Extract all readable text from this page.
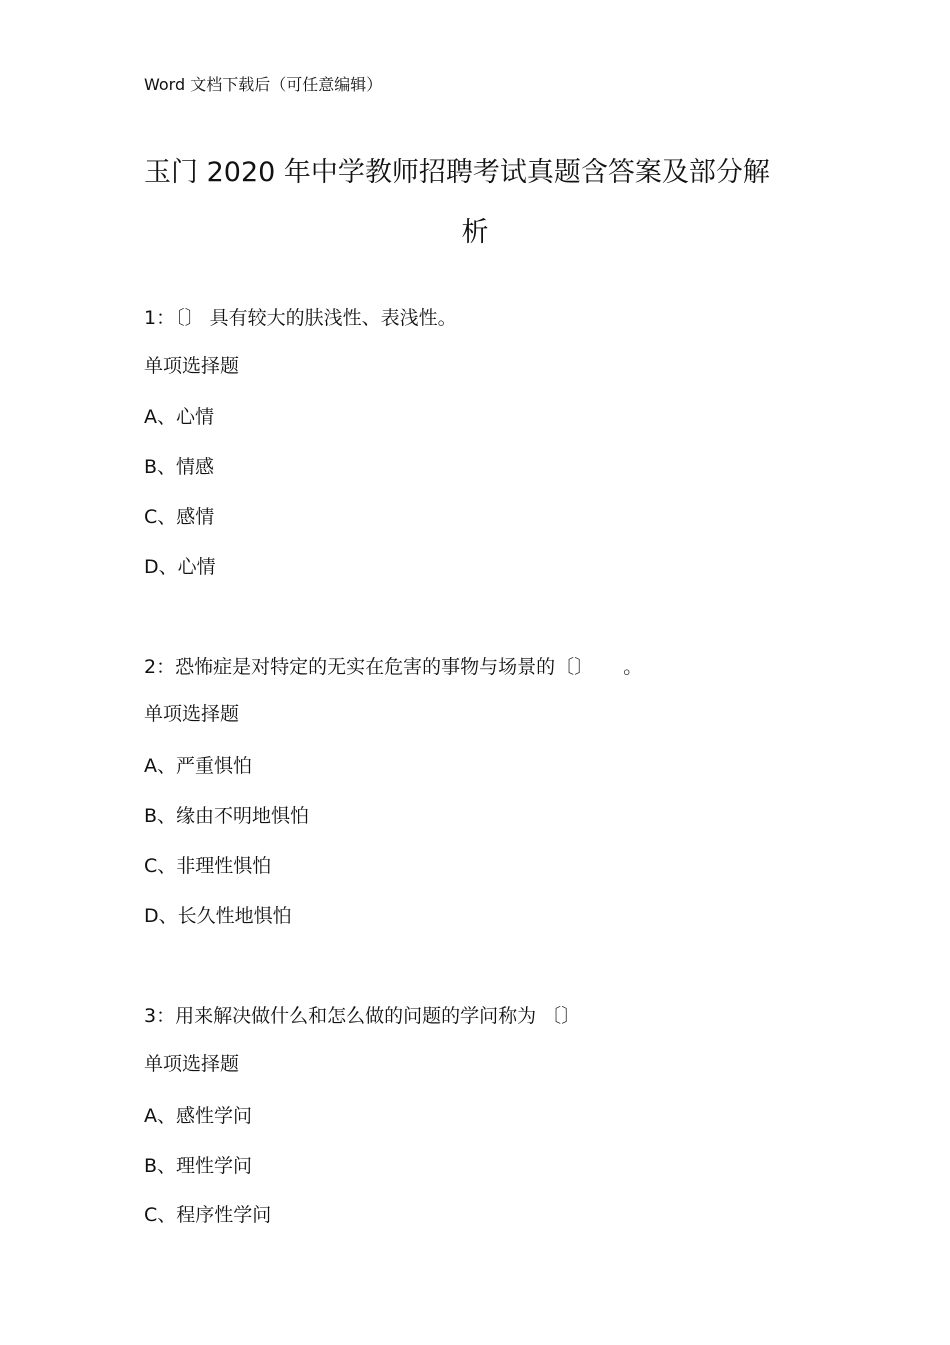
Word 文档下载后（可任意编辑）
玉门 2020 年中学教师招聘考试真题含答案及部分解
析
1：〔〕 具有较大的肤浅性、表浅性。
单项选择题
A、心情
B、情感
C、感情
D、心情
2：恐怖症是对特定的无实在危害的事物与场景的〔〕     。
单项选择题
A、严重惧怕
B、缘由不明地惧怕
C、非理性惧怕
D、长久性地惧怕
3：用来解决做什么和怎么做的问题的学问称为 〔〕
单项选择题
A、感性学问
B、理性学问
C、程序性学问
